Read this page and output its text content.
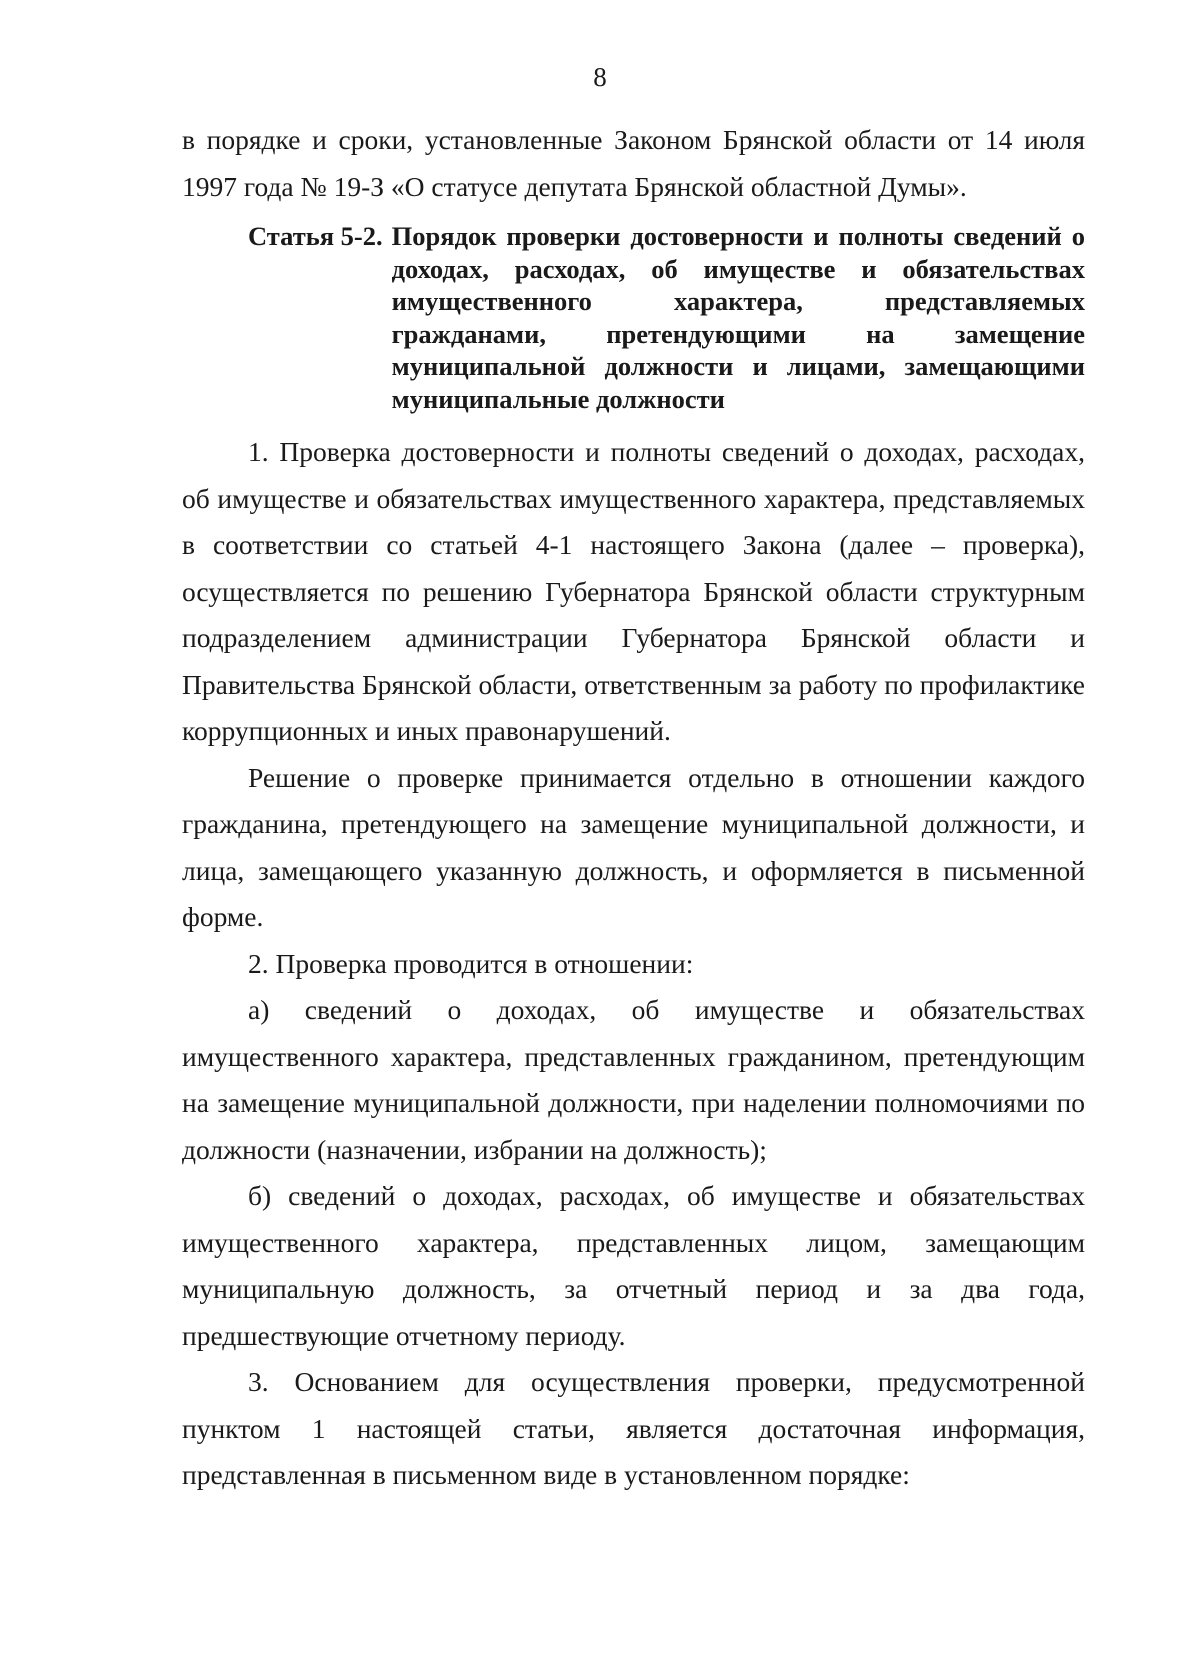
8

в порядке и сроки, установленные Законом Брянской области от 14 июля 1997 года № 19-З «О статусе депутата Брянской областной Думы».

Статья 5-2. Порядок проверки достоверности и полноты сведений о доходах, расходах, об имуществе и обязательствах имущественного характера, представляемых гражданами, претендующими на замещение муниципальной должности и лицами, замещающими муниципальные должности

1. Проверка достоверности и полноты сведений о доходах, расходах, об имуществе и обязательствах имущественного характера, представляемых в соответствии со статьей 4-1 настоящего Закона (далее – проверка), осуществляется по решению Губернатора Брянской области структурным подразделением администрации Губернатора Брянской области и Правительства Брянской области, ответственным за работу по профилактике коррупционных и иных правонарушений.

Решение о проверке принимается отдельно в отношении каждого гражданина, претендующего на замещение муниципальной должности, и лица, замещающего указанную должность, и оформляется в письменной форме.

2. Проверка проводится в отношении:

а) сведений о доходах, об имуществе и обязательствах имущественного характера, представленных гражданином, претендующим на замещение муниципальной должности, при наделении полномочиями по должности (назначении, избрании на должность);

б) сведений о доходах, расходах, об имуществе и обязательствах имущественного характера, представленных лицом, замещающим муниципальную должность, за отчетный период и за два года, предшествующие отчетному периоду.

3. Основанием для осуществления проверки, предусмотренной пунктом 1 настоящей статьи, является достаточная информация, представленная в письменном виде в установленном порядке:
